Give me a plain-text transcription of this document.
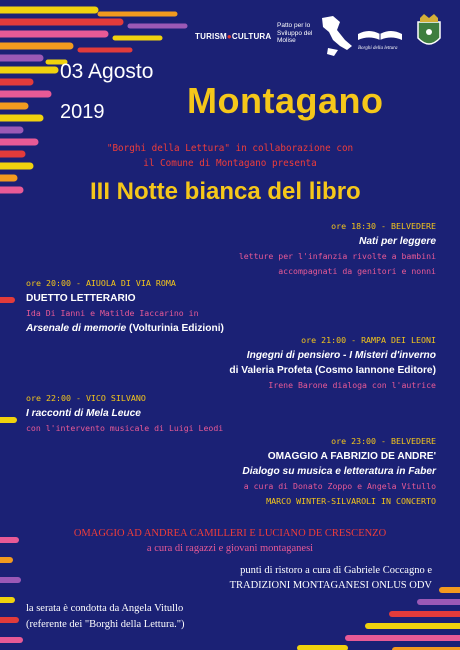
TURISM●CULTURA
Patto per lo Sviluppo del Molise
Borghi della lettura
03 Agosto
2019 Montagano
"Borghi della Lettura" in collaborazione con
il Comune di Montagano presenta
III Notte bianca del libro
ore 18:30 - BELVEDERE
Nati per leggere
letture per l'infanzia rivolte a bambini
accompagnati da genitori e nonni
ore 20:00 - AIUOLA DI VIA ROMA
DUETTO LETTERARIO
Ida Di Ianni e Matilde Iaccarino in
Arsenale di memorie (Volturinia Edizioni)
ore 21:00 - RAMPA DEI LEONI
Ingegni di pensiero - I Misteri d'inverno
di Valeria Profeta (Cosmo Iannone Editore)
Irene Barone dialoga con l'autrice
ore 22:00 - VICO SILVANO
I racconti di Mela Leuce
con l'intervento musicale di Luigi Leodi
ore 23:00 - BELVEDERE
OMAGGIO A FABRIZIO DE ANDRE'
Dialogo su musica e letteratura in Faber
a cura di Donato Zoppo e Angela Vitullo
MARCO WINTER-SILVAROLI IN CONCERTO
OMAGGIO AD ANDREA CAMILLERI E LUCIANO DE CRESCENZO
a cura di ragazzi e giovani montaganesi
punti di ristoro a cura di Gabriele Coccagno e
TRADIZIONI MONTAGANESI ONLUS ODV
la serata è condotta da Angela Vitullo
(referente dei "Borghi della Lettura.")
